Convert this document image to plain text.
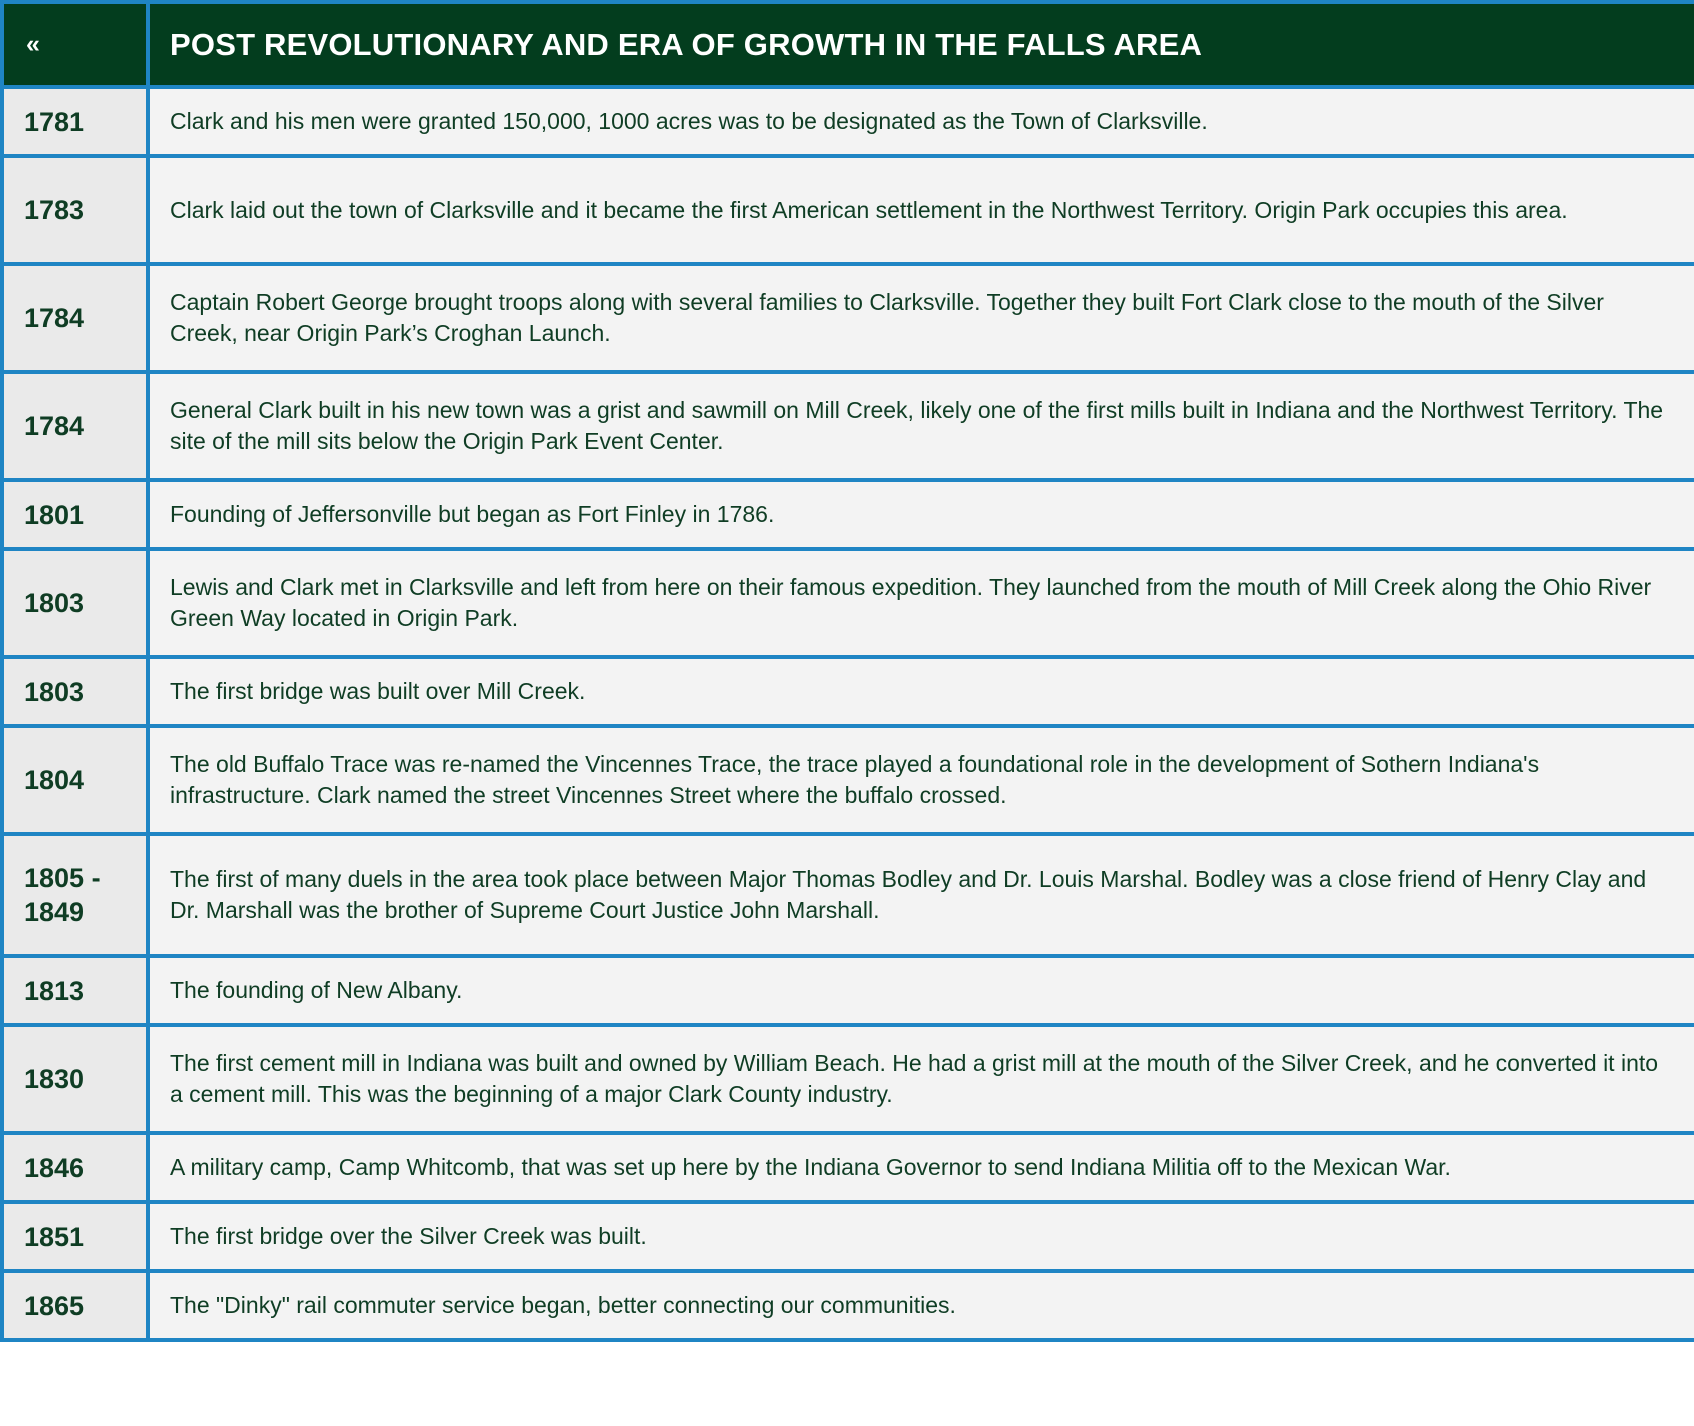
«	POST REVOLUTIONARY AND ERA OF GROWTH IN THE FALLS AREA
1781	Clark and his men were granted 150,000, 1000 acres was to be designated as the Town of Clarksville.
1783	Clark laid out the town of Clarksville and it became the first American settlement in the Northwest Territory. Origin Park occupies this area.
1784	Captain Robert George brought troops along with several families to Clarksville. Together they built Fort Clark close to the mouth of the Silver Creek, near Origin Park’s Croghan Launch.
1784	General Clark built in his new town was a grist and sawmill on Mill Creek, likely one of the first mills built in Indiana and the Northwest Territory. The site of the mill sits below the Origin Park Event Center.
1801	Founding of Jeffersonville but began as Fort Finley in 1786.
1803	Lewis and Clark met in Clarksville and left from here on their famous expedition. They launched from the mouth of Mill Creek along the Ohio River Green Way located in Origin Park.
1803	The first bridge was built over Mill Creek.
1804	The old Buffalo Trace was re-named the Vincennes Trace, the trace played a foundational role in the development of Sothern Indiana's infrastructure. Clark named the street Vincennes Street where the buffalo crossed.
1805 - 1849	The first of many duels in the area took place between Major Thomas Bodley and Dr. Louis Marshal. Bodley was a close friend of Henry Clay and Dr. Marshall was the brother of Supreme Court Justice John Marshall.
1813	The founding of New Albany.
1830	The first cement mill in Indiana was built and owned by William Beach. He had a grist mill at the mouth of the Silver Creek, and he converted it into a cement mill. This was the beginning of a major Clark County industry.
1846	A military camp, Camp Whitcomb, that was set up here by the Indiana Governor to send Indiana Militia off to the Mexican War.
1851	The first bridge over the Silver Creek was built.
1865	The "Dinky" rail commuter service began, better connecting our communities.
